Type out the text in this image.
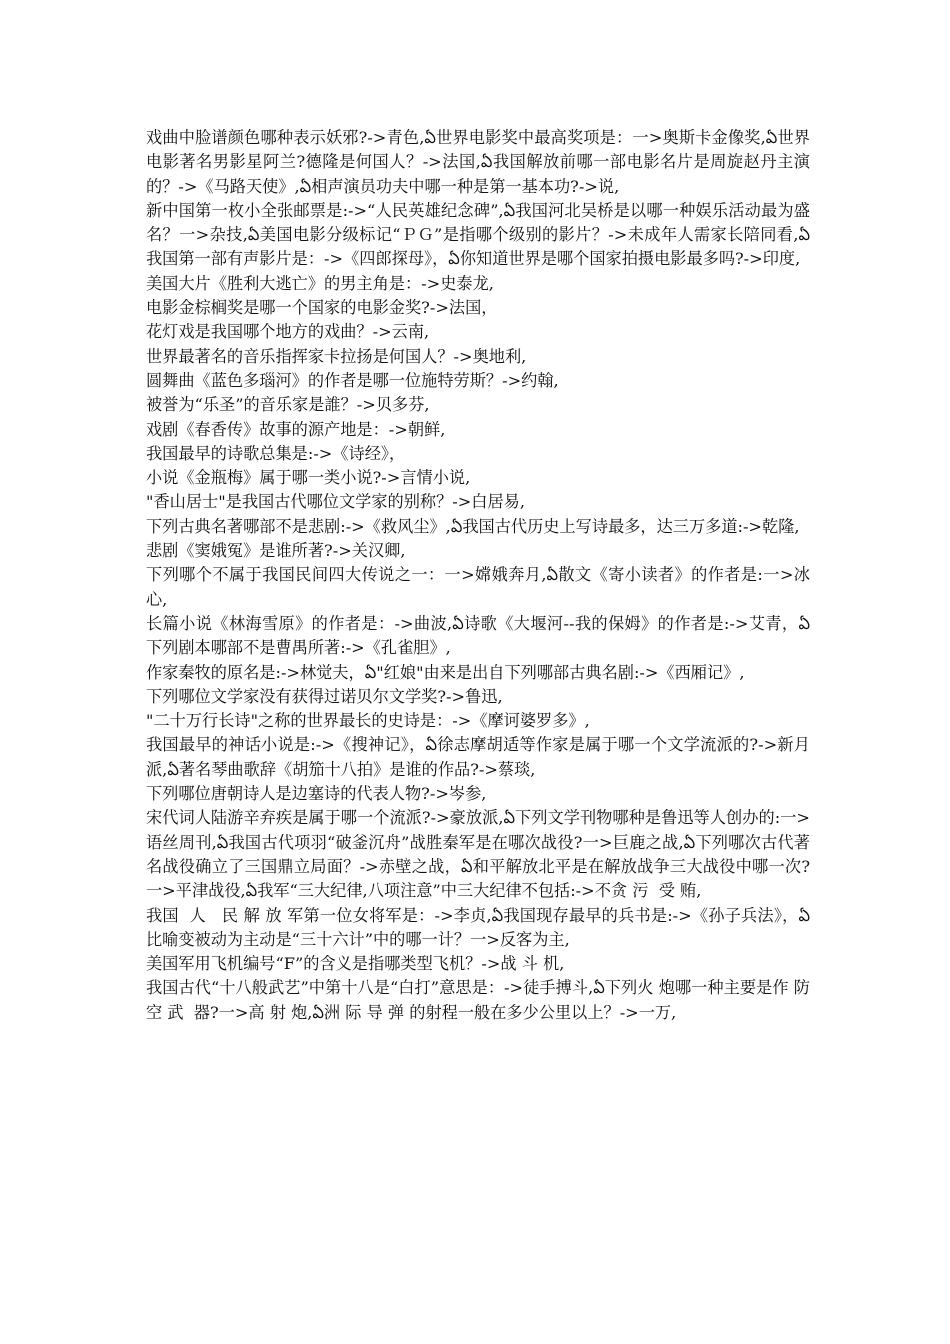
戏曲中脸谱颜色哪种表示妖邪?->青色,ఏ世界电影奖中最高奖项是：一>奥斯卡金像奖,ఏ世界电影著名男影星阿兰?德隆是何国人？->法国,ఏ我国解放前哪一部电影名片是周旋赵丹主演的？->《马路天使》,ఏ相声演员功夫中哪一种是第一基本功?->说,

新中国第一枚小全张邮票是:->“人民英雄纪念碑”,ఏ我国河北吴桥是以哪一种娱乐活动最为盛名？一>杂技,ఏ美国电影分级标记“ＰＧ”是指哪个级别的影片？->未成年人需家长陪同看,ఏ我国第一部有声影片是：->《四郎探母》，ఏ你知道世界是哪个国家拍摄电影最多吗?->印度,

美国大片《胜利大逃亡》的男主角是：->史泰龙,

电影金棕榈奖是哪一个国家的电影金奖?->法国，

花灯戏是我国哪个地方的戏曲？->云南,

世界最著名的音乐指挥家卡拉扬是何国人？->奥地利,

圆舞曲《蓝色多瑙河》的作者是哪一位施特劳斯？->约翰,

被誉为“乐圣”的音乐家是誰？->贝多芬,

戏剧《春香传》故事的源产地是：->朝鲜,

我国最早的诗歌总集是:->《诗经》，

小说《金瓶梅》属于哪一类小说?->言情小说,

"香山居士"是我国古代哪位文学家的别称？->白居易,

下列古典名著哪部不是悲剧:->《救风尘》,ఏ我国古代历史上写诗最多，达三万多道:->乾隆,

悲剧《窦娥冤》是谁所著?->关汉卿,

下列哪个不属于我国民间四大传说之一：一>嫦娥奔月,ఏ散文《寄小读者》的作者是:一>冰心,

长篇小说《林海雪原》的作者是：->曲波,ఏ诗歌《大堰河--我的保姆》的作者是:->艾青，ఏ下列剧本哪部不是曹禺所著:->《孔雀胆》,

作家秦牧的原名是:->林觉夫，ఏ"红娘"由来是出自下列哪部古典名剧:->《西厢记》,

下列哪位文学家没有获得过诺贝尔文学奖?->鲁迅,

"二十万行长诗"之称的世界最长的史诗是：->《摩诃婆罗多》,

我国最早的神话小说是:->《搜神记》，ఏ徐志摩胡适等作家是属于哪一个文学流派的?->新月派,ఏ著名琴曲歌辞《胡笳十八拍》是谁的作品?->蔡琰,

下列哪位唐朝诗人是边塞诗的代表人物?->岑参,

宋代词人陆游辛弃疾是属于哪一个流派?->豪放派,ఏ下列文学刊物哪种是鲁迅等人创办的:一>语丝周刊,ఏ我国古代项羽“破釜沉舟”战胜秦军是在哪次战役?一>巨鹿之战,ఏ下列哪次古代著名战役确立了三国鼎立局面？->赤壁之战，ఏ和平解放北平是在解放战争三大战役中哪一次?一>平津战役,ఏ我军“三大纪律,八项注意”中三大纪律不包括:->不贪 污  受 贿,

我国  人   民 解 放 军第一位女将军是：->李贞,ఏ我国现存最早的兵书是:->《孙子兵法》，ఏ比喻变被动为主动是“三十六计”中的哪一计？一>反客为主,

美国军用飞机编号“F”的含义是指哪类型飞机？->战 斗 机,

我国古代“十八般武艺”中第十八是“白打”意思是：->徒手搏斗,ఏ下列火 炮哪一种主要是作 防  空 武  器?一>高 射 炮,ఏ洲 际 导 弹 的射程一般在多少公里以上？->一万,
